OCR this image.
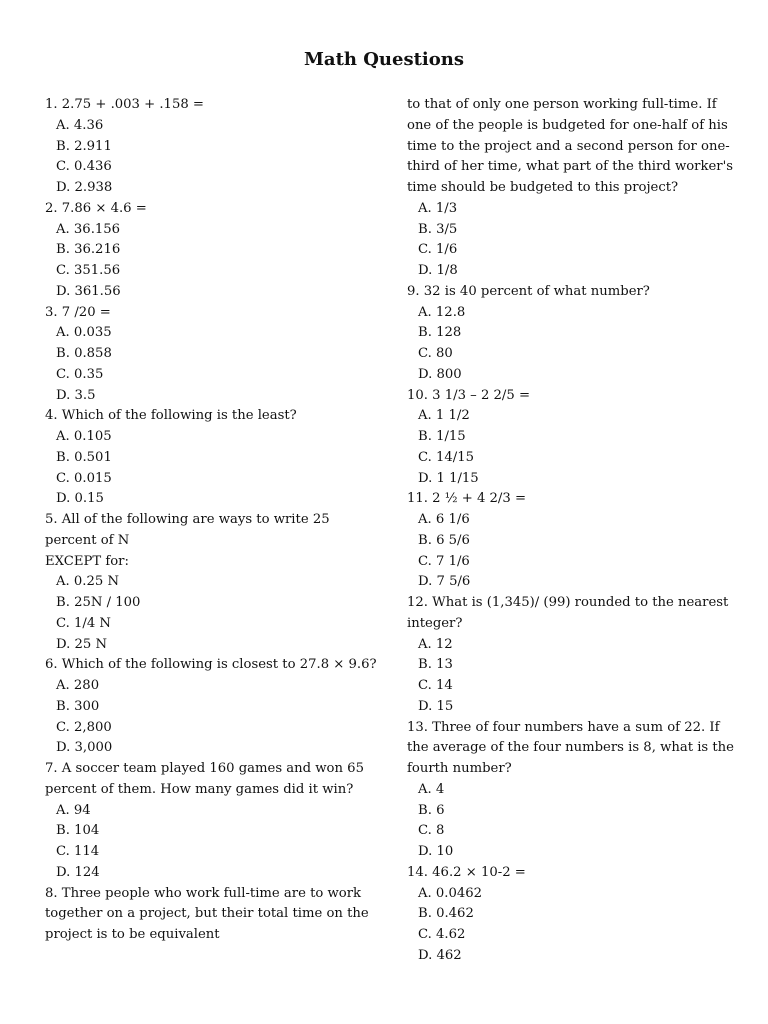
Math Questions
1. 2.75 + .003 + .158 =
A. 4.36
B. 2.911
C. 0.436
D. 2.938
2. 7.86 × 4.6 =
A. 36.156
B. 36.216
C. 351.56
D. 361.56
3. 7 /20 =
A. 0.035
B. 0.858
C. 0.35
D. 3.5
4. Which of the following is the least?
A. 0.105
B. 0.501
C. 0.015
D. 0.15
5. All of the following are ways to write 25
percent of N
EXCEPT for:
A. 0.25 N
B. 25N / 100
C. 1/4 N
D. 25 N
6. Which of the following is closest to 27.8 × 9.6?
A. 280
B. 300
C. 2,800
D. 3,000
7. A soccer team played 160 games and won 65
percent of them. How many games did it win?
A. 94
B. 104
C. 114
D. 124
8. Three people who work full-time are to work
together on a project, but their total time on the
project is to be equivalent
to that of only one person working full-time. If
one of the people is budgeted for one-half of his
time to the project and a second person for one-
third of her time, what part of the third worker's
time should be budgeted to this project?
A. 1/3
B. 3/5
C. 1/6
D. 1/8
9. 32 is 40 percent of what number?
A. 12.8
B. 128
C. 80
D. 800
10. 3 1/3 – 2 2/5 =
A. 1 1/2
B. 1/15
C. 14/15
D. 1 1/15
11. 2 ½ + 4 2/3 =
A. 6 1/6
B. 6 5/6
C. 7 1/6
D. 7 5/6
12. What is (1,345)/ (99) rounded to the nearest
integer?
A. 12
B. 13
C. 14
D. 15
13. Three of four numbers have a sum of 22. If
the average of the four numbers is 8, what is the
fourth number?
A. 4
B. 6
C. 8
D. 10
14. 46.2 × 10-2 =
A. 0.0462
B. 0.462
C. 4.62
D. 462
